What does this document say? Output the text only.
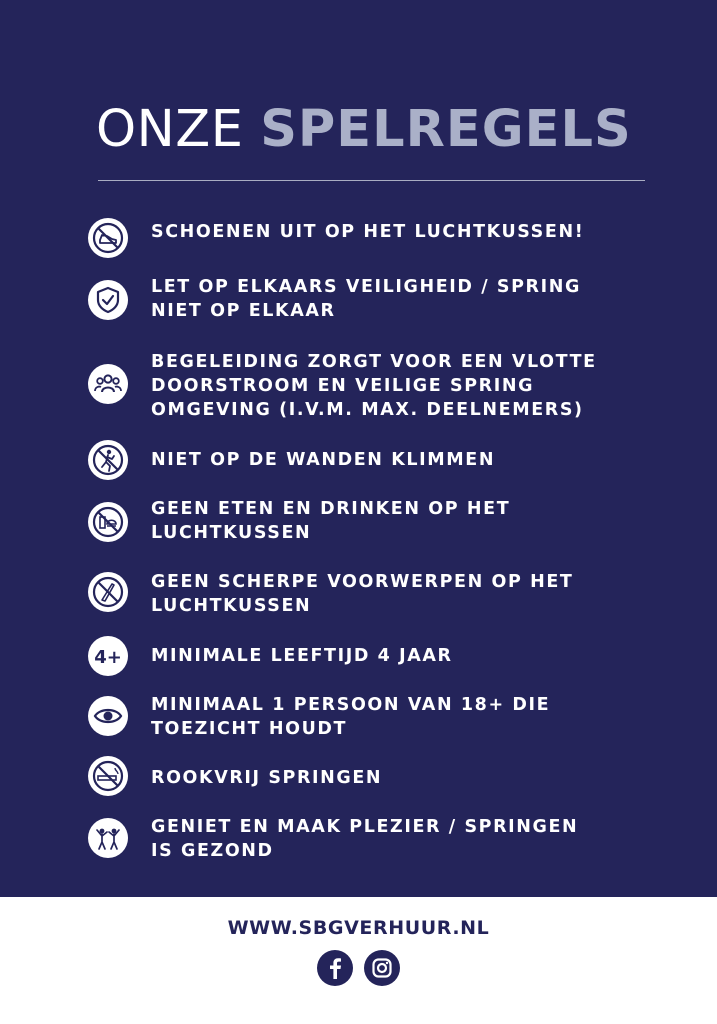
ONZE SPELREGELS
SCHOENEN UIT OP HET LUCHTKUSSEN!
LET OP ELKAARS VEILIGHEID / SPRING
NIET OP ELKAAR
BEGELEIDING ZORGT VOOR EEN VLOTTE
DOORSTROOM EN VEILIGE SPRING
OMGEVING (I.V.M. MAX. DEELNEMERS)
NIET OP DE WANDEN KLIMMEN
GEEN ETEN EN DRINKEN OP HET
LUCHTKUSSEN
GEEN SCHERPE VOORWERPEN OP HET
LUCHTKUSSEN
4+ MINIMALE LEEFTIJD 4 JAAR
MINIMAAL 1 PERSOON VAN 18+ DIE
TOEZICHT HOUDT
ROOKVRIJ SPRINGEN
GENIET EN MAAK PLEZIER / SPRINGEN
IS GEZOND
WWW.SBGVERHUUR.NL
